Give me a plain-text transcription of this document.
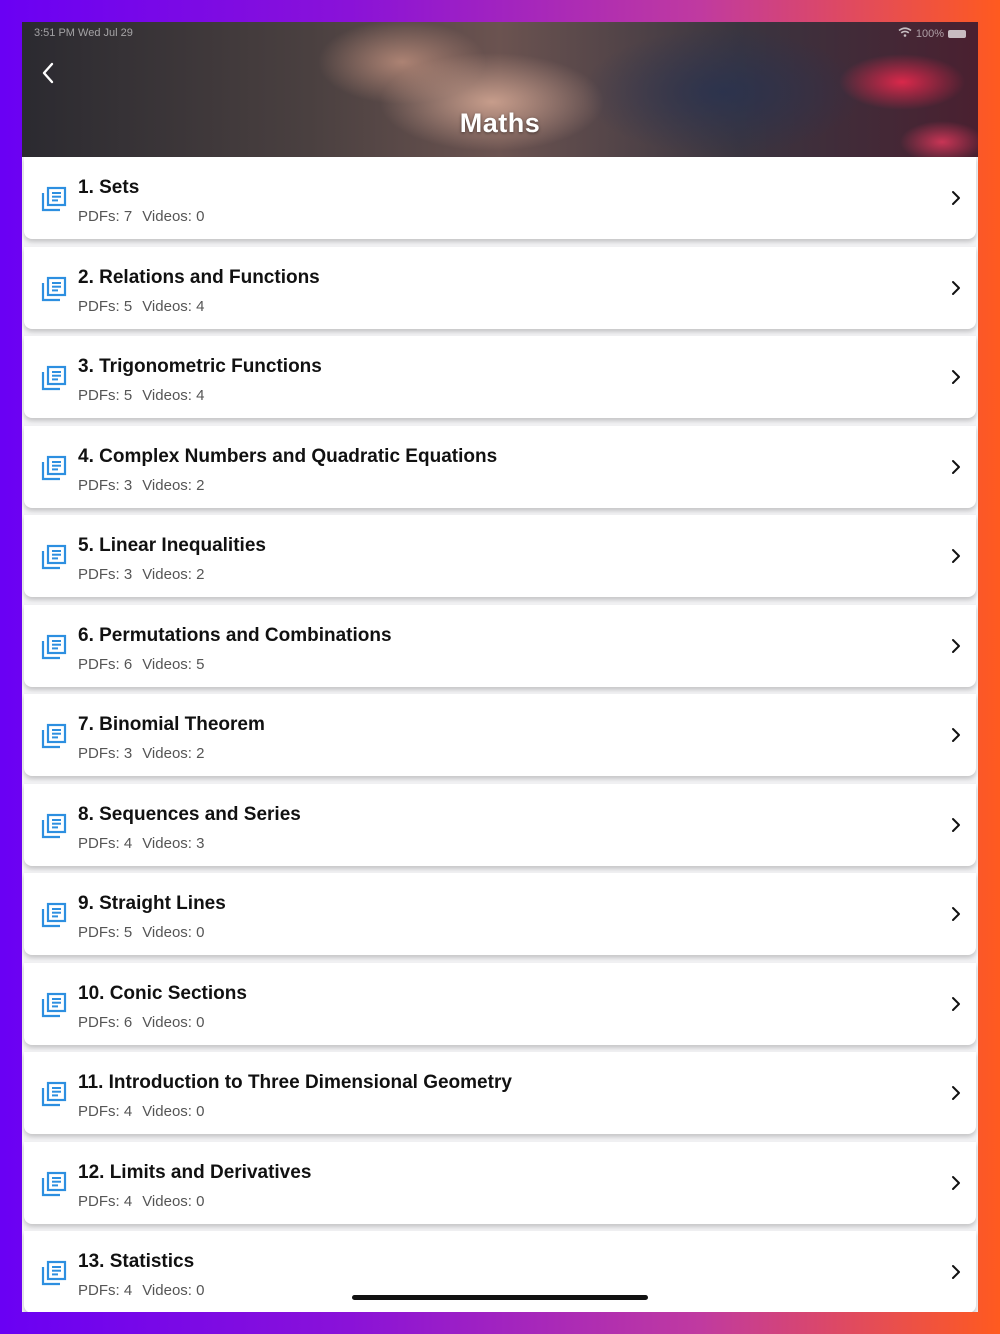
3:51 PM Wed Jul 29	100%
Maths
1. Sets
PDFs: 7 Videos: 0
2. Relations and Functions
PDFs: 5 Videos: 4
3. Trigonometric Functions
PDFs: 5 Videos: 4
4. Complex Numbers and Quadratic Equations
PDFs: 3 Videos: 2
5. Linear Inequalities
PDFs: 3 Videos: 2
6. Permutations and Combinations
PDFs: 6 Videos: 5
7. Binomial Theorem
PDFs: 3 Videos: 2
8. Sequences and Series
PDFs: 4 Videos: 3
9. Straight Lines
PDFs: 5 Videos: 0
10. Conic Sections
PDFs: 6 Videos: 0
11. Introduction to Three Dimensional Geometry
PDFs: 4 Videos: 0
12. Limits and Derivatives
PDFs: 4 Videos: 0
13. Statistics
PDFs: 4 Videos: 0
